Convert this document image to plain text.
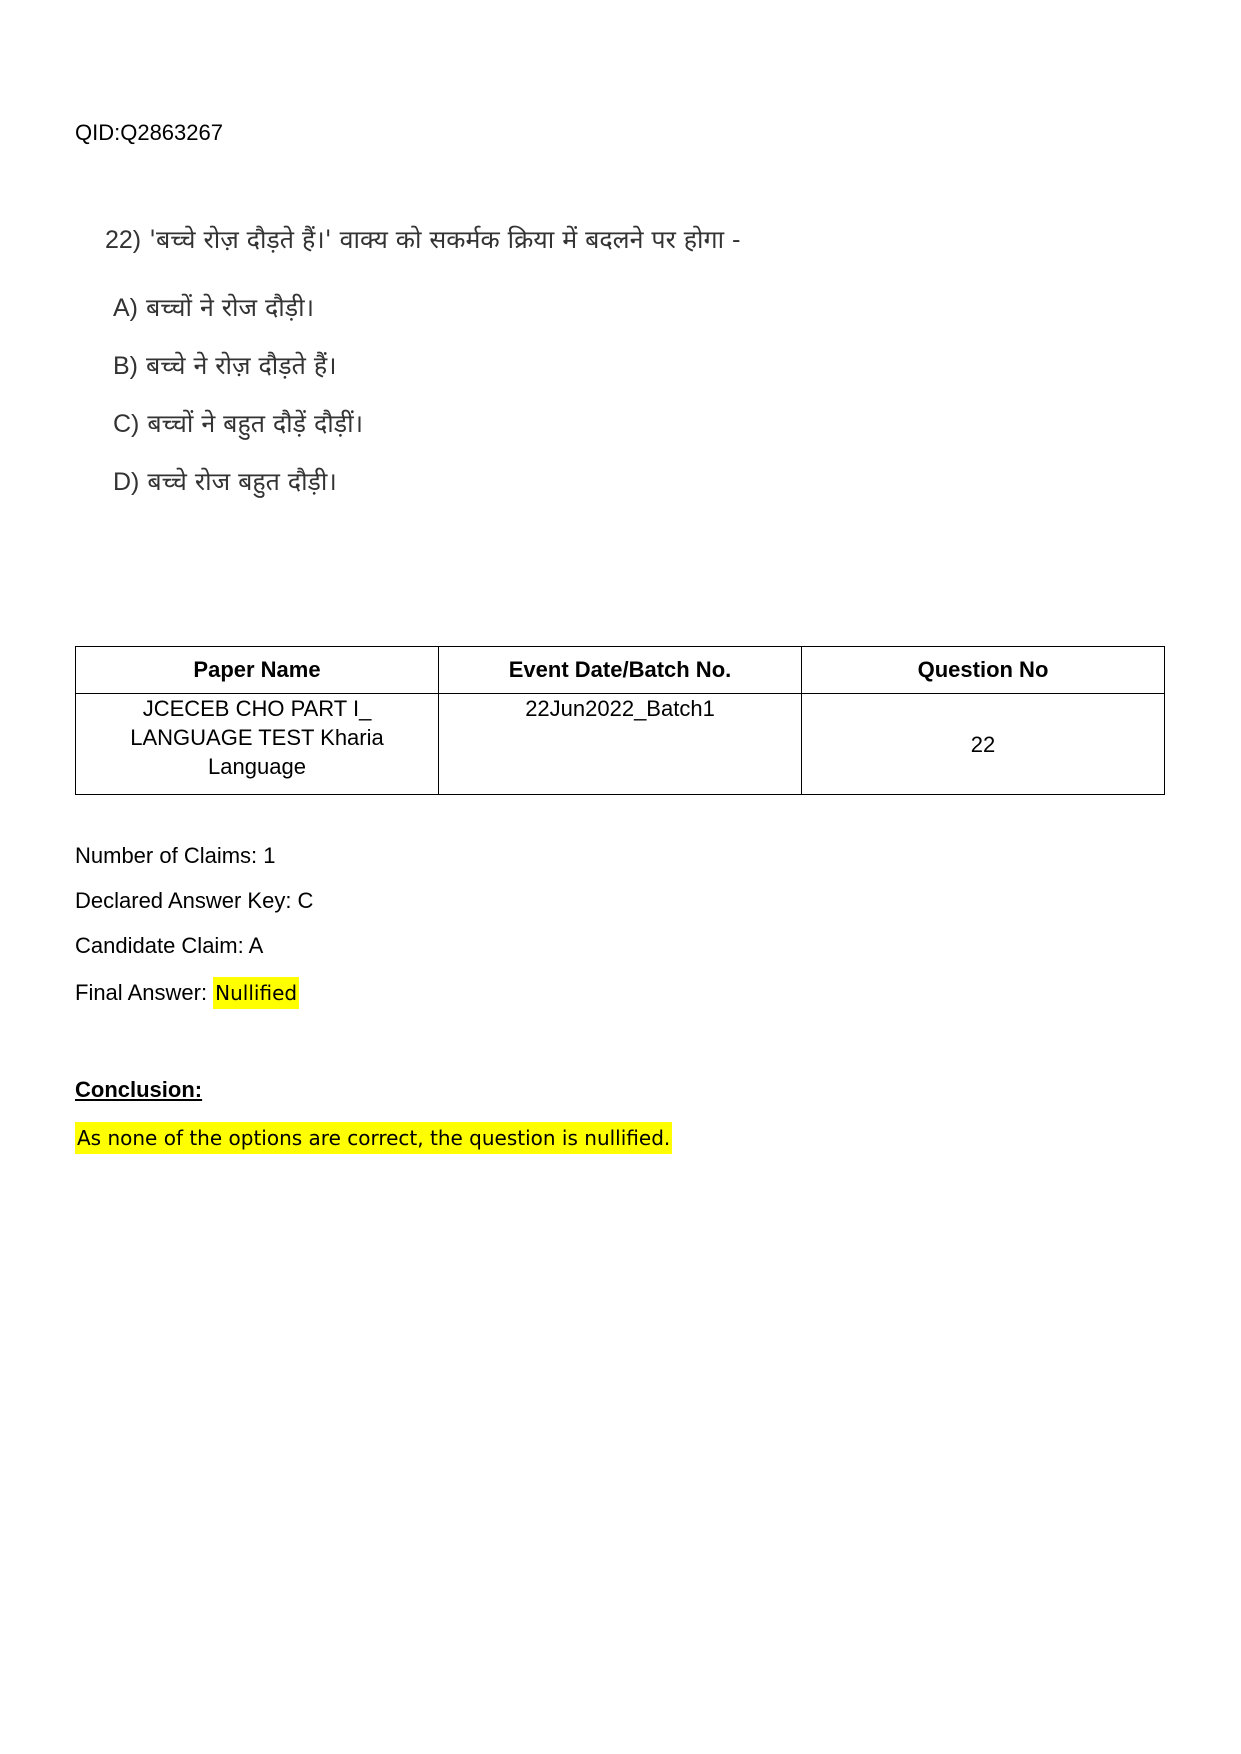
QID:Q2863267
22) 'बच्चे रोज़ दौड़ते हैं।' वाक्य को सकर्मक क्रिया में बदलने पर होगा -
A) बच्चों ने रोज दौड़ी।
B) बच्चे ने रोज़ दौड़ते हैं।
C) बच्चों ने बहुत दौड़ें दौड़ीं।
D) बच्चे रोज बहुत दौड़ी।
Paper Name	Event Date/Batch No.	Question No

JCECEB CHO PART I_
LANGUAGE TEST Kharia
Language	22Jun2022_Batch1	22
Number of Claims: 1
Declared Answer Key: C
Candidate Claim: A
Final Answer: Nullified
Conclusion:
As none of the options are correct, the question is nullified.
